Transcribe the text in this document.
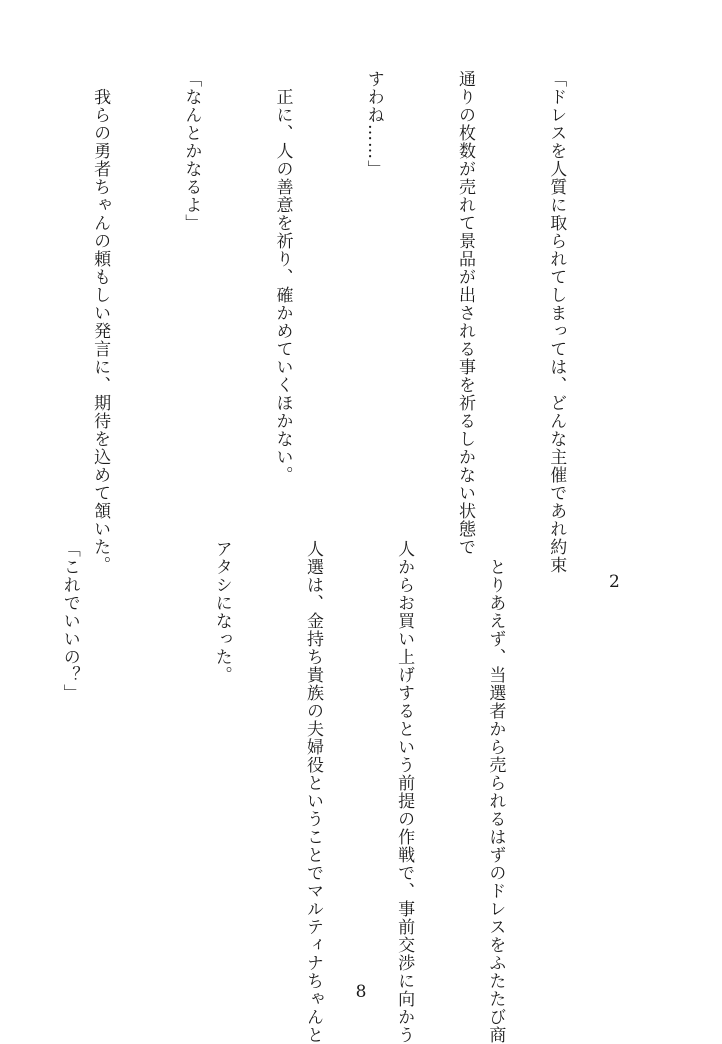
「ドレスを人質に取られてしまっては、どんな主催であれ約束

通りの枚数が売れて景品が出される事を祈るしかない状態で

すわね……」

　正に、人の善意を祈り、確かめていくほかない。

「なんとかなるよ」

　我らの勇者ちゃんの頼もしい発言に、期待を込めて頷いた。

2

　とりあえず、当選者から売られるはずのドレスをふたたび商

人からお買い上げするという前提の作戦で、事前交渉に向かう

人選は、金持ち貴族の夫婦役ということでマルティナちゃんと

アタシになった。

「これでいいの？」

8
